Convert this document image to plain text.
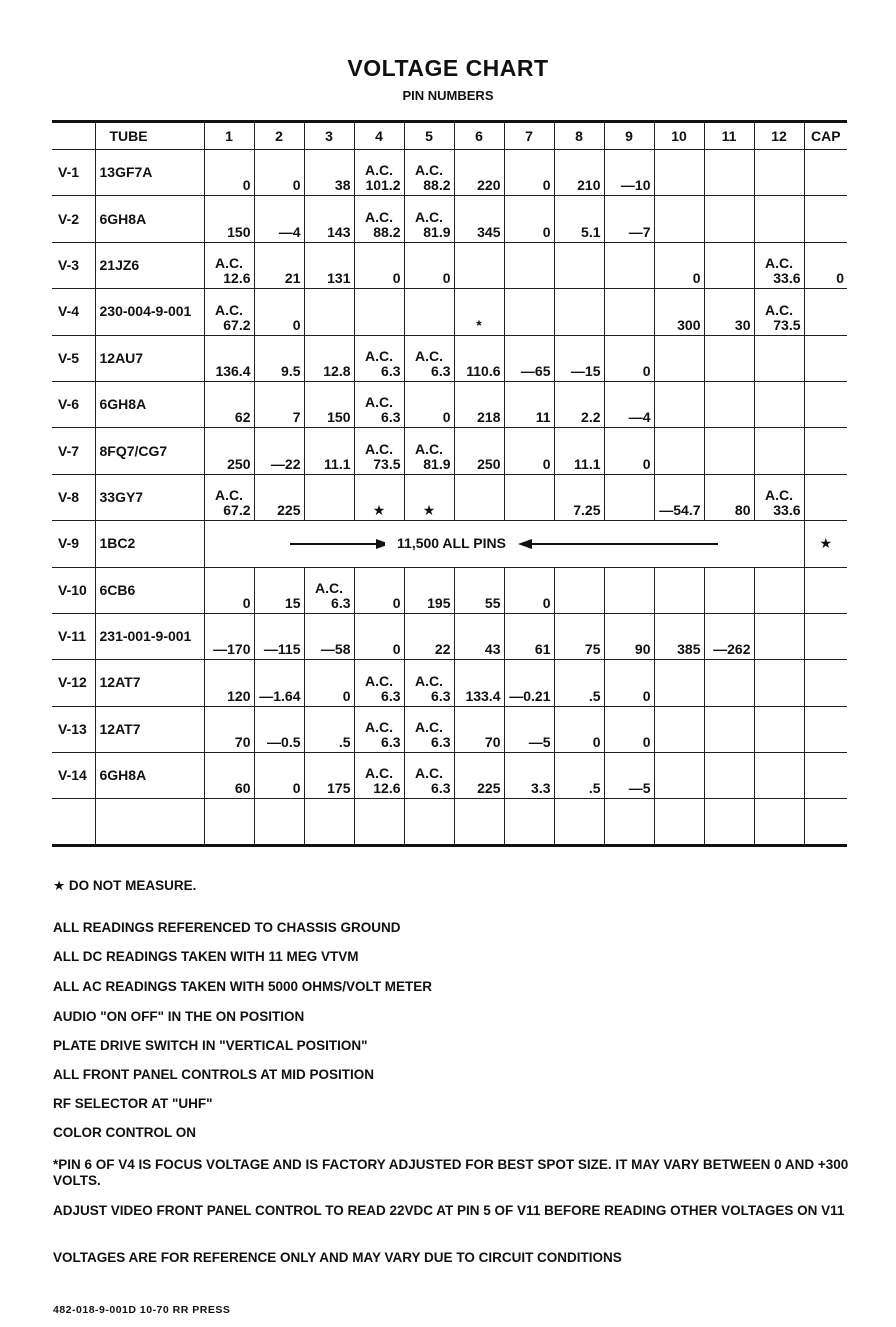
VOLTAGE CHART
PIN NUMBERS
	TUBE	1	2	3	4	5	6	7	8	9	10	11	12	CAP
V-1	13GF7A	0	0	38	A.C.
101.2	A.C.
88.2	220	0	210	—10				
V-2	6GH8A	150	—4	143	A.C.
88.2	A.C.
81.9	345	0	5.1	—7				
V-3	21JZ6	A.C.
12.6	21	131	0	0					0		A.C.
33.6	0
V-4	230-004-9-001	A.C.
67.2	0				*				300	30	A.C.
73.5	

V-5	12AU7	136.4	9.5	12.8	A.C.
6.3	A.C.
6.3	110.6	—65	—15	0				
V-6	6GH8A	62	7	150	A.C.
6.3	0	218	11	2.2	—4				
V-7	8FQ7/CG7	250	—22	11.1	A.C.
73.5	A.C.
81.9	250	0	11.1	0				
V-8	33GY7	A.C.
67.2	225		★	★			7.25		—54.7	80	A.C.
33.6	

V-9	1BC2	11,500 ALL PINS												★
V-10	6CB6	0	15	A.C.
6.3	0	195	55	0						
V-11	231-001-9-001	—170	—115	—58	0	22	43	61	75	90	385	—262		
V-12	12AT7	120	—1.64	0	A.C.
6.3	A.C.
6.3	133.4	—0.21	.5	0				
V-13	12AT7	70	—0.5	.5	A.C.
6.3	A.C.
6.3	70	—5	0	0				
V-14	6GH8A	60	0	175	A.C.
12.6	A.C.
6.3	225	3.3	.5	—5				

★ DO NOT MEASURE.
ALL READINGS REFERENCED TO CHASSIS GROUND
ALL DC READINGS TAKEN WITH 11 MEG VTVM
ALL AC READINGS TAKEN WITH 5000 OHMS/VOLT METER
AUDIO "ON OFF" IN THE ON POSITION
PLATE DRIVE SWITCH IN "VERTICAL POSITION"
ALL FRONT PANEL CONTROLS AT MID POSITION
RF SELECTOR AT "UHF"
COLOR CONTROL ON
*PIN 6 OF V4 IS FOCUS VOLTAGE AND IS FACTORY ADJUSTED FOR BEST SPOT SIZE. IT MAY VARY BETWEEN 0 AND +300 VOLTS.
ADJUST VIDEO FRONT PANEL CONTROL TO READ 22VDC AT PIN 5 OF V11 BEFORE READING OTHER VOLTAGES ON V11
VOLTAGES ARE FOR REFERENCE ONLY AND MAY VARY DUE TO CIRCUIT CONDITIONS
482-018-9-001D 10-70 RR PRESS
